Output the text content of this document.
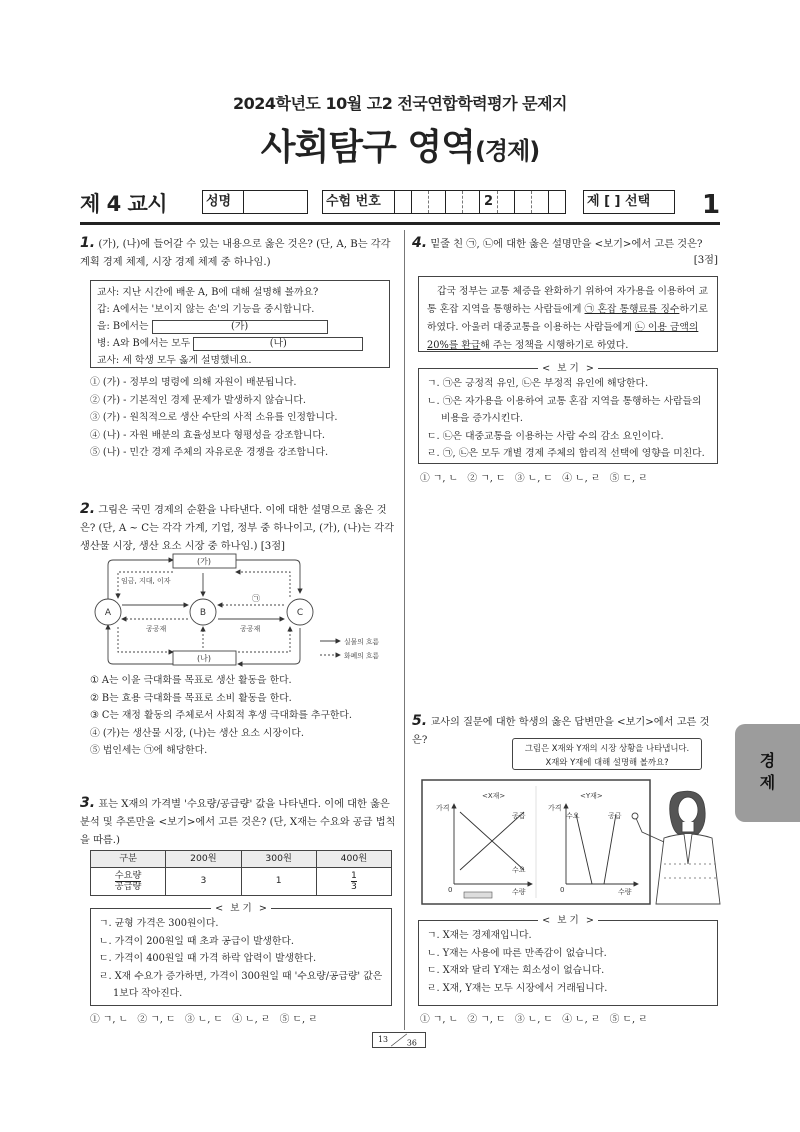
2024학년도 10월 고2 전국연합학력평가 문제지
사회탐구 영역(경제)
제 4 교시	성명	수험 번호	2	제 [ ] 선택	1
1. (가), (나)에 들어갈 수 있는 내용으로 옳은 것은? (단, A, B는 각각 계획 경제 체제, 시장 경제 체제 중 하나임.)
교사: 지난 시간에 배운 A, B에 대해 설명해 볼까요?
갑: A에서는 '보이지 않는 손'의 기능을 중시합니다.
을: B에서는	(가)
병: A와 B에서는 모두	(나)
교사: 세 학생 모두 옳게 설명했네요.
① (가) - 정부의 명령에 의해 자원이 배분됩니다.
② (가) - 기본적인 경제 문제가 발생하지 않습니다.
③ (가) - 원칙적으로 생산 수단의 사적 소유를 인정합니다.
④ (나) - 자원 배분의 효율성보다 형평성을 강조합니다.
⑤ (나) - 민간 경제 주체의 자유로운 경쟁을 강조합니다.
2. 그림은 국민 경제의 순환을 나타낸다. 이에 대한 설명으로 옳은 것은? (단, A ~ C는 각각 가계, 기업, 정부 중 하나이고, (가), (나)는 각각 생산물 시장, 생산 요소 시장 중 하나임.) [3점]
(가)
(나)
A	B	C
임금, 지대, 이자
㉠
공공재	공공재
실물의 흐름
화폐의 흐름
① A는 이윤 극대화를 목표로 생산 활동을 한다.
② B는 효용 극대화를 목표로 소비 활동을 한다.
③ C는 재정 활동의 주체로서 사회적 후생 극대화를 추구한다.
④ (가)는 생산물 시장, (나)는 생산 요소 시장이다.
⑤ 법인세는 ㉠에 해당한다.
3. 표는 X재의 가격별 '수요량/공급량' 값을 나타낸다. 이에 대한 옳은 분석 및 추론만을 <보기>에서 고른 것은? (단, X재는 수요와 공급 법칙을 따름.)
구분	200원	300원	400원

$\frac{\text{수요량}}{\text{공급량}}$	3	1	$\frac{1}{3}$
< 보 기 >
ㄱ. 균형 가격은 300원이다.
ㄴ. 가격이 200원일 때 초과 공급이 발생한다.
ㄷ. 가격이 400원일 때 가격 하락 압력이 발생한다.
ㄹ. X재 수요가 증가하면, 가격이 300원일 때 '수요량/공급량' 값은 1보다 작아진다.
① ㄱ, ㄴ   ② ㄱ, ㄷ   ③ ㄴ, ㄷ   ④ ㄴ, ㄹ   ⑤ ㄷ, ㄹ
4. 밑줄 친 ㉠, ㉡에 대한 옳은 설명만을 <보기>에서 고른 것은?
[3점]
갑국 정부는 교통 체증을 완화하기 위하여 자가용을 이용하여 교통 혼잡 지역을 통행하는 사람들에게 ㉠ 혼잡 통행료를 징수하기로 하였다. 아울러 대중교통을 이용하는 사람들에게 ㉡ 이용 금액의 20%를 환급해 주는 정책을 시행하기로 하였다.
< 보 기 >
ㄱ. ㉠은 긍정적 유인, ㉡은 부정적 유인에 해당한다.
ㄴ. ㉠은 자가용을 이용하여 교통 혼잡 지역을 통행하는 사람들의 비용을 증가시킨다.
ㄷ. ㉡은 대중교통을 이용하는 사람 수의 감소 요인이다.
ㄹ. ㉠, ㉡은 모두 개별 경제 주체의 합리적 선택에 영향을 미친다.
① ㄱ, ㄴ   ② ㄱ, ㄷ   ③ ㄴ, ㄷ   ④ ㄴ, ㄹ   ⑤ ㄷ, ㄹ
5. 교사의 질문에 대한 학생의 옳은 답변만을 <보기>에서 고른 것은?
그림은 X재와 Y재의 시장 상황을 나타냅니다.
X재와 Y재에 대해 설명해 볼까요?
<X재>	<Y재>
가격	가격
수량	수량
0	0
공급
수요
수요	공급
< 보 기 >
ㄱ. X재는 경제재입니다.
ㄴ. Y재는 사용에 따른 만족감이 없습니다.
ㄷ. X재와 달리 Y재는 희소성이 없습니다.
ㄹ. X재, Y재는 모두 시장에서 거래됩니다.
① ㄱ, ㄴ   ② ㄱ, ㄷ   ③ ㄴ, ㄷ   ④ ㄴ, ㄹ   ⑤ ㄷ, ㄹ
경
제
13 36
